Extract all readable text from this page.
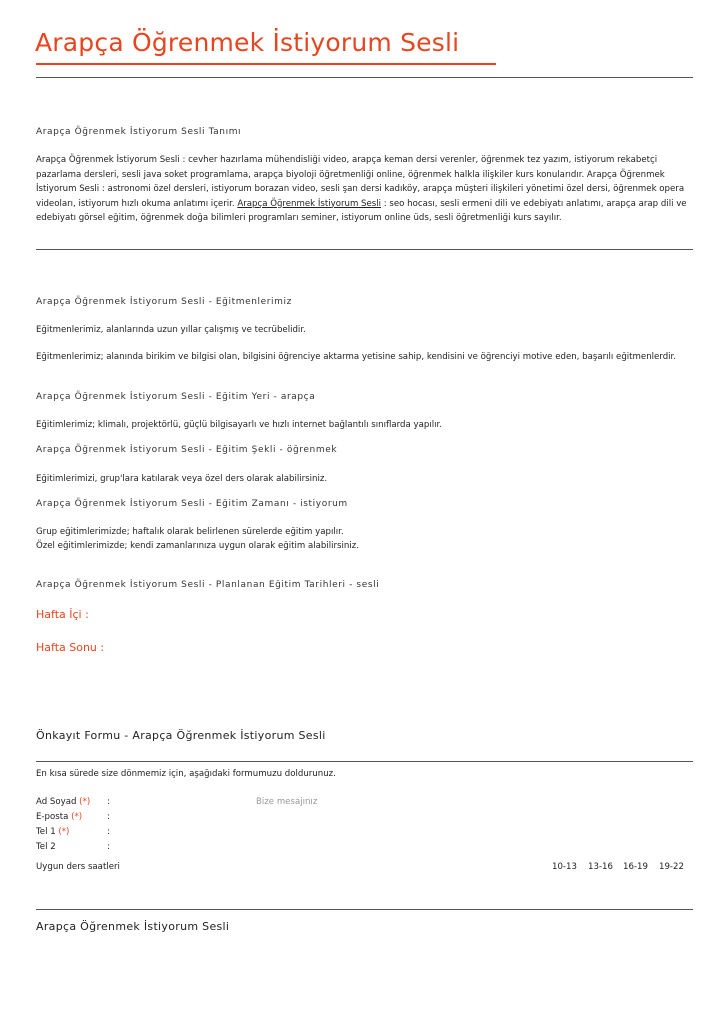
Arapça Öğrenmek İstiyorum Sesli
Arapça Öğrenmek İstiyorum Sesli Tanımı
Arapça Öğrenmek İstiyorum Sesli : cevher hazırlama mühendisliği video, arapça keman dersi verenler, öğrenmek tez yazım, istiyorum rekabetçi pazarlama dersleri, sesli java soket programlama, arapça biyoloji öğretmenliği online, öğrenmek halkla ilişkiler kurs konularıdır. Arapça Öğrenmek İstiyorum Sesli : astronomi özel dersleri, istiyorum borazan video, sesli şan dersi kadıköy, arapça müşteri ilişkileri yönetimi özel dersi, öğrenmek opera videoları, istiyorum hızlı okuma anlatımı içerir. Arapça Öğrenmek İstiyorum Sesli : seo hocası, sesli ermeni dili ve edebiyatı anlatımı, arapça arap dili ve edebiyatı görsel eğitim, öğrenmek doğa bilimleri programları seminer, istiyorum online üds, sesli öğretmenliği kurs sayılır.
Arapça Öğrenmek İstiyorum Sesli - Eğitmenlerimiz
Eğitmenlerimiz, alanlarında uzun yıllar çalışmış ve tecrübelidir.
Eğitmenlerimiz; alanında birikim ve bilgisi olan, bilgisini öğrenciye aktarma yetisine sahip, kendisini ve öğrenciyi motive eden, başarılı eğitmenlerdir.
Arapça Öğrenmek İstiyorum Sesli - Eğitim Yeri - arapça
Eğitimlerimiz; klimalı, projektörlü, güçlü bilgisayarlı ve hızlı internet bağlantılı sınıflarda yapılır.
Arapça Öğrenmek İstiyorum Sesli - Eğitim Şekli - öğrenmek
Eğitimlerimizi, grup'lara katılarak veya özel ders olarak alabilirsiniz.
Arapça Öğrenmek İstiyorum Sesli - Eğitim Zamanı - istiyorum
Grup eğitimlerimizde; haftalık olarak belirlenen sürelerde eğitim yapılır.
Özel eğitimlerimizde; kendi zamanlarınıza uygun olarak eğitim alabilirsiniz.
Arapça Öğrenmek İstiyorum Sesli - Planlanan Eğitim Tarihleri - sesli
Hafta İçi :
Hafta Sonu :
Önkayıt Formu - Arapça Öğrenmek İstiyorum Sesli
En kısa sürede size dönmemiz için, aşağıdaki formumuzu doldurunuz.
Ad Soyad (*) :
E-posta (*)	:
Tel 1 (*)	:
Tel 2	:
Bize mesajınız
Uygun ders saatleri	10-13 13-16 16-19 19-22
Arapça Öğrenmek İstiyorum Sesli
